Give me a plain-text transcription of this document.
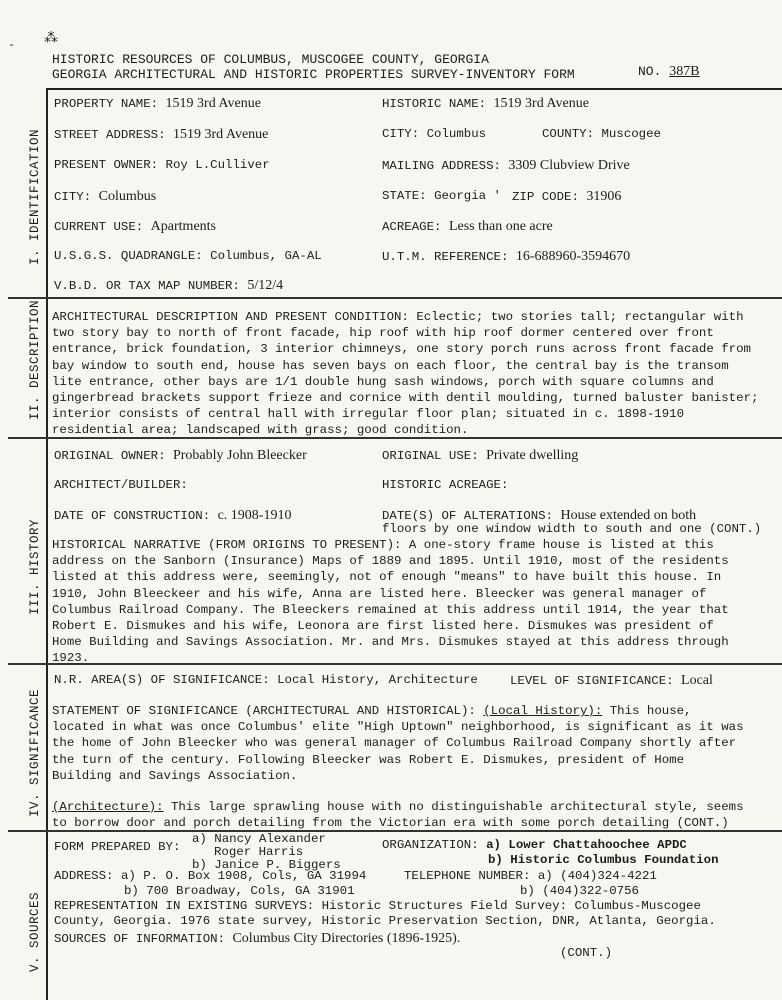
- ⁂
HISTORIC RESOURCES OF COLUMBUS, MUSCOGEE COUNTY, GEORGIA
GEORGIA ARCHITECTURAL AND HISTORIC PROPERTIES SURVEY-INVENTORY FORM	NO. 387B
I. IDENTIFICATION
II. DESCRIPTION
III. HISTORY
IV. SIGNIFICANCE
V. SOURCES
PROPERTY NAME: 1519 3rd Avenue	HISTORIC NAME: 1519 3rd Avenue
STREET ADDRESS: 1519 3rd Avenue	CITY: Columbus	COUNTY: Muscogee
PRESENT OWNER: Roy L.Culliver	MAILING ADDRESS: 3309 Clubview Drive
CITY: Columbus	STATE: Georgia ' ZIP CODE: 31906
CURRENT USE: Apartments	ACREAGE: Less than one acre
U.S.G.S. QUADRANGLE: Columbus, GA-AL	U.T.M. REFERENCE: 16-688960-3594670
V.B.D. OR TAX MAP NUMBER: 5/12/4
ARCHITECTURAL DESCRIPTION AND PRESENT CONDITION: Eclectic; two stories tall; rectangular with
two story bay to north of front facade, hip roof with hip roof dormer centered over front
entrance, brick foundation, 3 interior chimneys, one story porch runs across front facade from
bay window to south end, house has seven bays on each floor, the central bay is the transom
lite entrance, other bays are 1/1 double hung sash windows, porch with square columns and
gingerbread brackets support frieze and cornice with dentil moulding, turned baluster banister;
interior consists of central hall with irregular floor plan; situated in c. 1898-1910
residential area; landscaped with grass; good condition.
ORIGINAL OWNER: Probably John Bleecker	ORIGINAL USE: Private dwelling
ARCHITECT/BUILDER:	HISTORIC ACREAGE:
DATE OF CONSTRUCTION: c. 1908-1910	DATE(S) OF ALTERATIONS: House extended on both
floors by one window width to south and one (CONT.)
HISTORICAL NARRATIVE (FROM ORIGINS TO PRESENT): A one-story frame house is listed at this
address on the Sanborn (Insurance) Maps of 1889 and 1895. Until 1910, most of the residents
listed at this address were, seemingly, not of enough "means" to have built this house. In
1910, John Bleeckeer and his wife, Anna are listed here. Bleecker was general manager of
Columbus Railroad Company. The Bleeckers remained at this address until 1914, the year that
Robert E. Dismukes and his wife, Leonora are first listed here. Dismukes was president of
Home Building and Savings Association. Mr. and Mrs. Dismukes stayed at this address through
1923.
N.R. AREA(S) OF SIGNIFICANCE: Local History, Architecture	LEVEL OF SIGNIFICANCE: Local
STATEMENT OF SIGNIFICANCE (ARCHITECTURAL AND HISTORICAL): (Local History): This house,
located in what was once Columbus' elite "High Uptown" neighborhood, is significant as it was
the home of John Bleecker who was general manager of Columbus Railroad Company shortly after
the turn of the century. Following Bleecker was Robert E. Dismukes, president of Home
Building and Savings Association.
(Architecture): This large sprawling house with no distinguishable architectural style, seems
to borrow door and porch detailing from the Victorian era with some porch detailing (CONT.)
FORM PREPARED BY:
a) Nancy Alexander
Roger Harris
b) Janice P. Biggers
ORGANIZATION: a) Lower Chattahoochee APDC
b) Historic Columbus Foundation
ADDRESS: a) P. O. Box 1908, Cols, GA 31994	TELEPHONE NUMBER: a) (404)324-4221
b) 700 Broadway, Cols, GA 31901	b) (404)322-0756
REPRESENTATION IN EXISTING SURVEYS: Historic Structures Field Survey: Columbus-Muscogee
County, Georgia. 1976 state survey, Historic Preservation Section, DNR, Atlanta, Georgia.
SOURCES OF INFORMATION: Columbus City Directories (1896-1925).
(CONT.)
